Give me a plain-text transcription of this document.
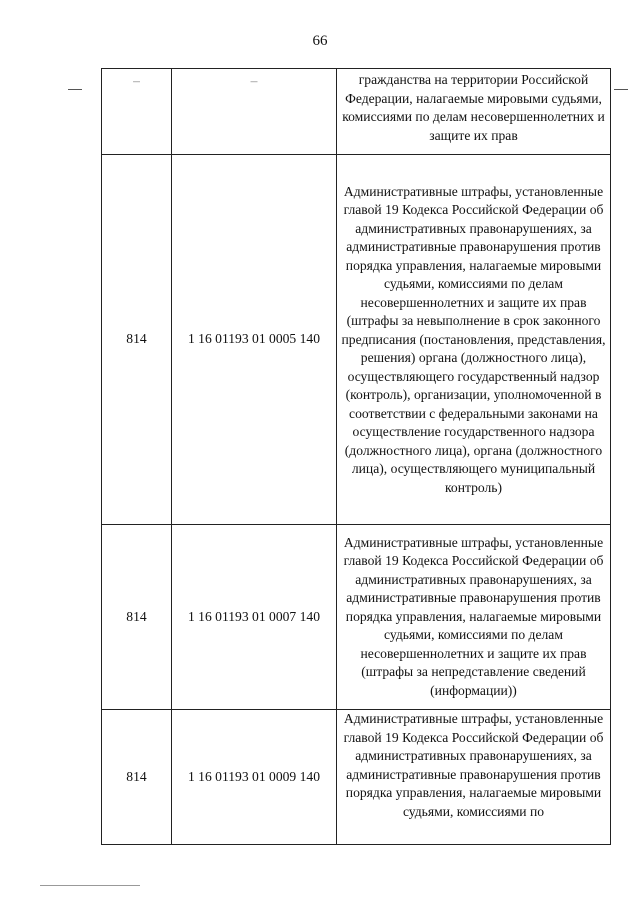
66
–	–	гражданства на территории Российской Федерации, налагаемые мировыми судьями, комиссиями по делам несовершеннолетних и защите их прав
814	1 16 01193 01 0005 140	Административные штрафы, установленные главой 19 Кодекса Российской Федерации об административных правонарушениях, за административные правонарушения против порядка управления, налагаемые мировыми судьями, комиссиями по делам несовершеннолетних и защите их прав (штрафы за невыполнение в срок законного предписания (постановления, представления, решения) органа (должностного лица), осуществляющего государственный надзор (контроль), организации, уполномоченной в соответствии с федеральными законами на осуществление государственного надзора (должностного лица), органа (должностного лица), осуществляющего муниципальный контроль)
814	1 16 01193 01 0007 140	Административные штрафы, установленные главой 19 Кодекса Российской Федерации об административных правонарушениях, за административные правонарушения против порядка управления, налагаемые мировыми судьями, комиссиями по делам несовершеннолетних и защите их прав (штрафы за непредставление сведений (информации))
814	1 16 01193 01 0009 140	Административные штрафы, установленные главой 19 Кодекса Российской Федерации об административных правонарушениях, за административные правонарушения против порядка управления, налагаемые мировыми судьями, комиссиями по
